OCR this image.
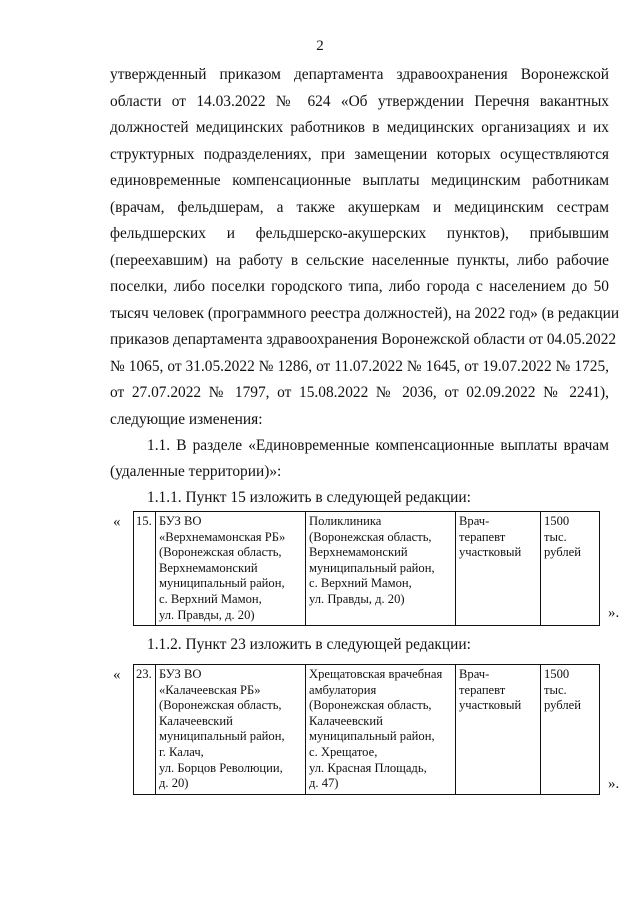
2
утвержденный приказом департамента здравоохранения Воронежской
области от 14.03.2022 № 624 «Об утверждении Перечня вакантных
должностей медицинских работников в медицинских организациях и их
структурных подразделениях, при замещении которых осуществляются
единовременные компенсационные выплаты медицинским работникам
(врачам, фельдшерам, а также акушеркам и медицинским сестрам
фельдшерских и фельдшерско-акушерских пунктов), прибывшим
(переехавшим) на работу в сельские населенные пункты, либо рабочие
поселки, либо поселки городского типа, либо города с населением до 50
тысяч человек (программного реестра должностей), на 2022 год» (в редакции
приказов департамента здравоохранения Воронежской области от 04.05.2022
№ 1065, от 31.05.2022 № 1286, от 11.07.2022 № 1645, от 19.07.2022 № 1725,
от 27.07.2022 № 1797, от 15.08.2022 № 2036, от 02.09.2022 № 2241),
следующие изменения:
1.1. В разделе «Единовременные компенсационные выплаты врачам
(удаленные территории)»:
1.1.1. Пункт 15 изложить в следующей редакции:
« 15.	БУЗ ВО
«Верхнемамонская РБ»
(Воронежская область,
Верхнемамонский
муниципальный район,
с. Верхний Мамон,
ул. Правды, д. 20)	Поликлиника
(Воронежская область,
Верхнемамонский
муниципальный район,
с. Верхний Мамон,
ул. Правды, д. 20)	Врач-
терапевт
участковый	1500
тыс.
рублей
».
1.1.2. Пункт 23 изложить в следующей редакции:
« 23.	БУЗ ВО
«Калачеевская РБ»
(Воронежская область,
Калачеевский
муниципальный район,
г. Калач,
ул. Борцов Революции,
д. 20)	Хрещатовская врачебная
амбулатория
(Воронежская область,
Калачеевский
муниципальный район,
с. Хрещатое,
ул. Красная Площадь,
д. 47)	Врач-
терапевт
участковый	1500
тыс.
рублей
».
